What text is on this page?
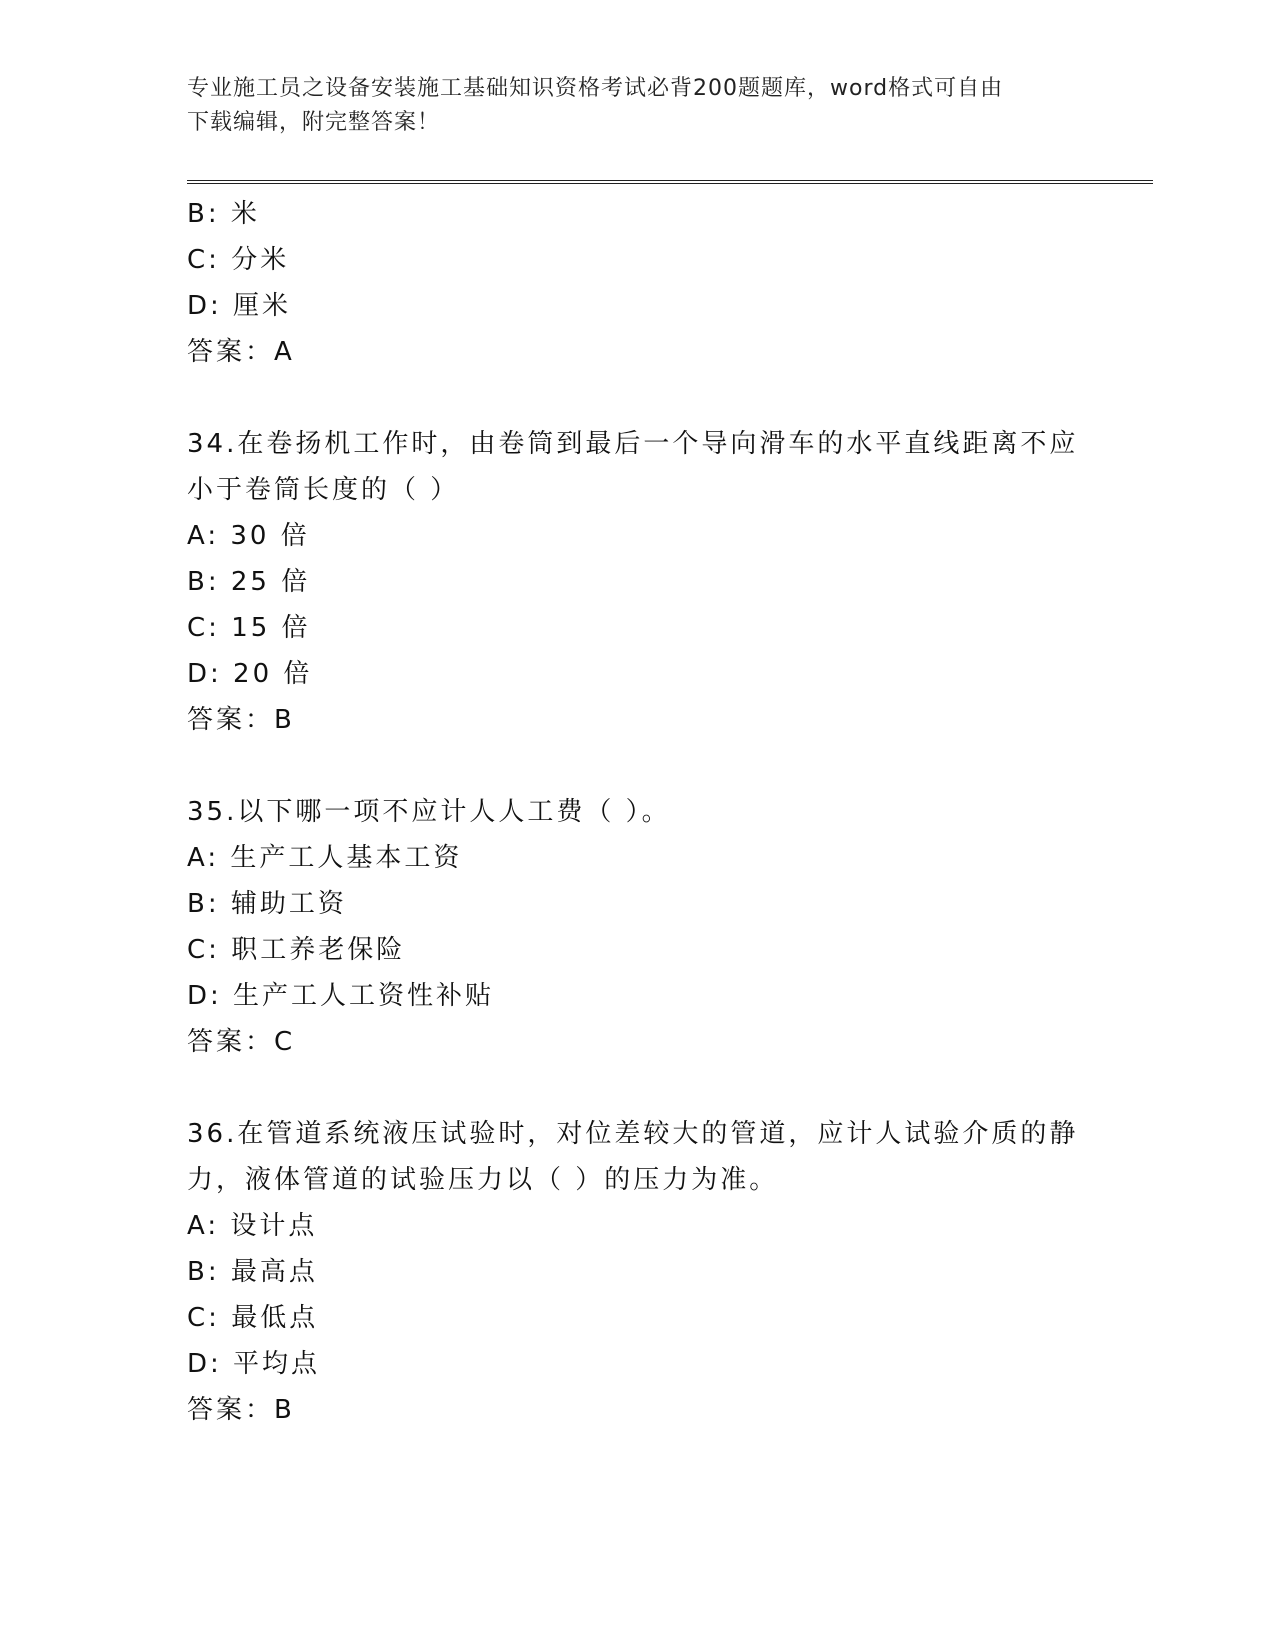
专业施工员之设备安装施工基础知识资格考试必背200题题库，word格式可自由
下载编辑，附完整答案！
B: 米
C: 分米
D: 厘米
答案：A
34.在卷扬机工作时，由卷筒到最后一个导向滑车的水平直线距离不应
小于卷筒长度的（ ）
A: 30 倍
B: 25 倍
C: 15 倍
D: 20 倍
答案：B
35.以下哪一项不应计人人工费（ ）。
A: 生产工人基本工资
B: 辅助工资
C: 职工养老保险
D: 生产工人工资性补贴
答案：C
36.在管道系统液压试验时，对位差较大的管道，应计人试验介质的静
力，液体管道的试验压力以（ ）的压力为准。
A: 设计点
B: 最高点
C: 最低点
D: 平均点
答案：B
